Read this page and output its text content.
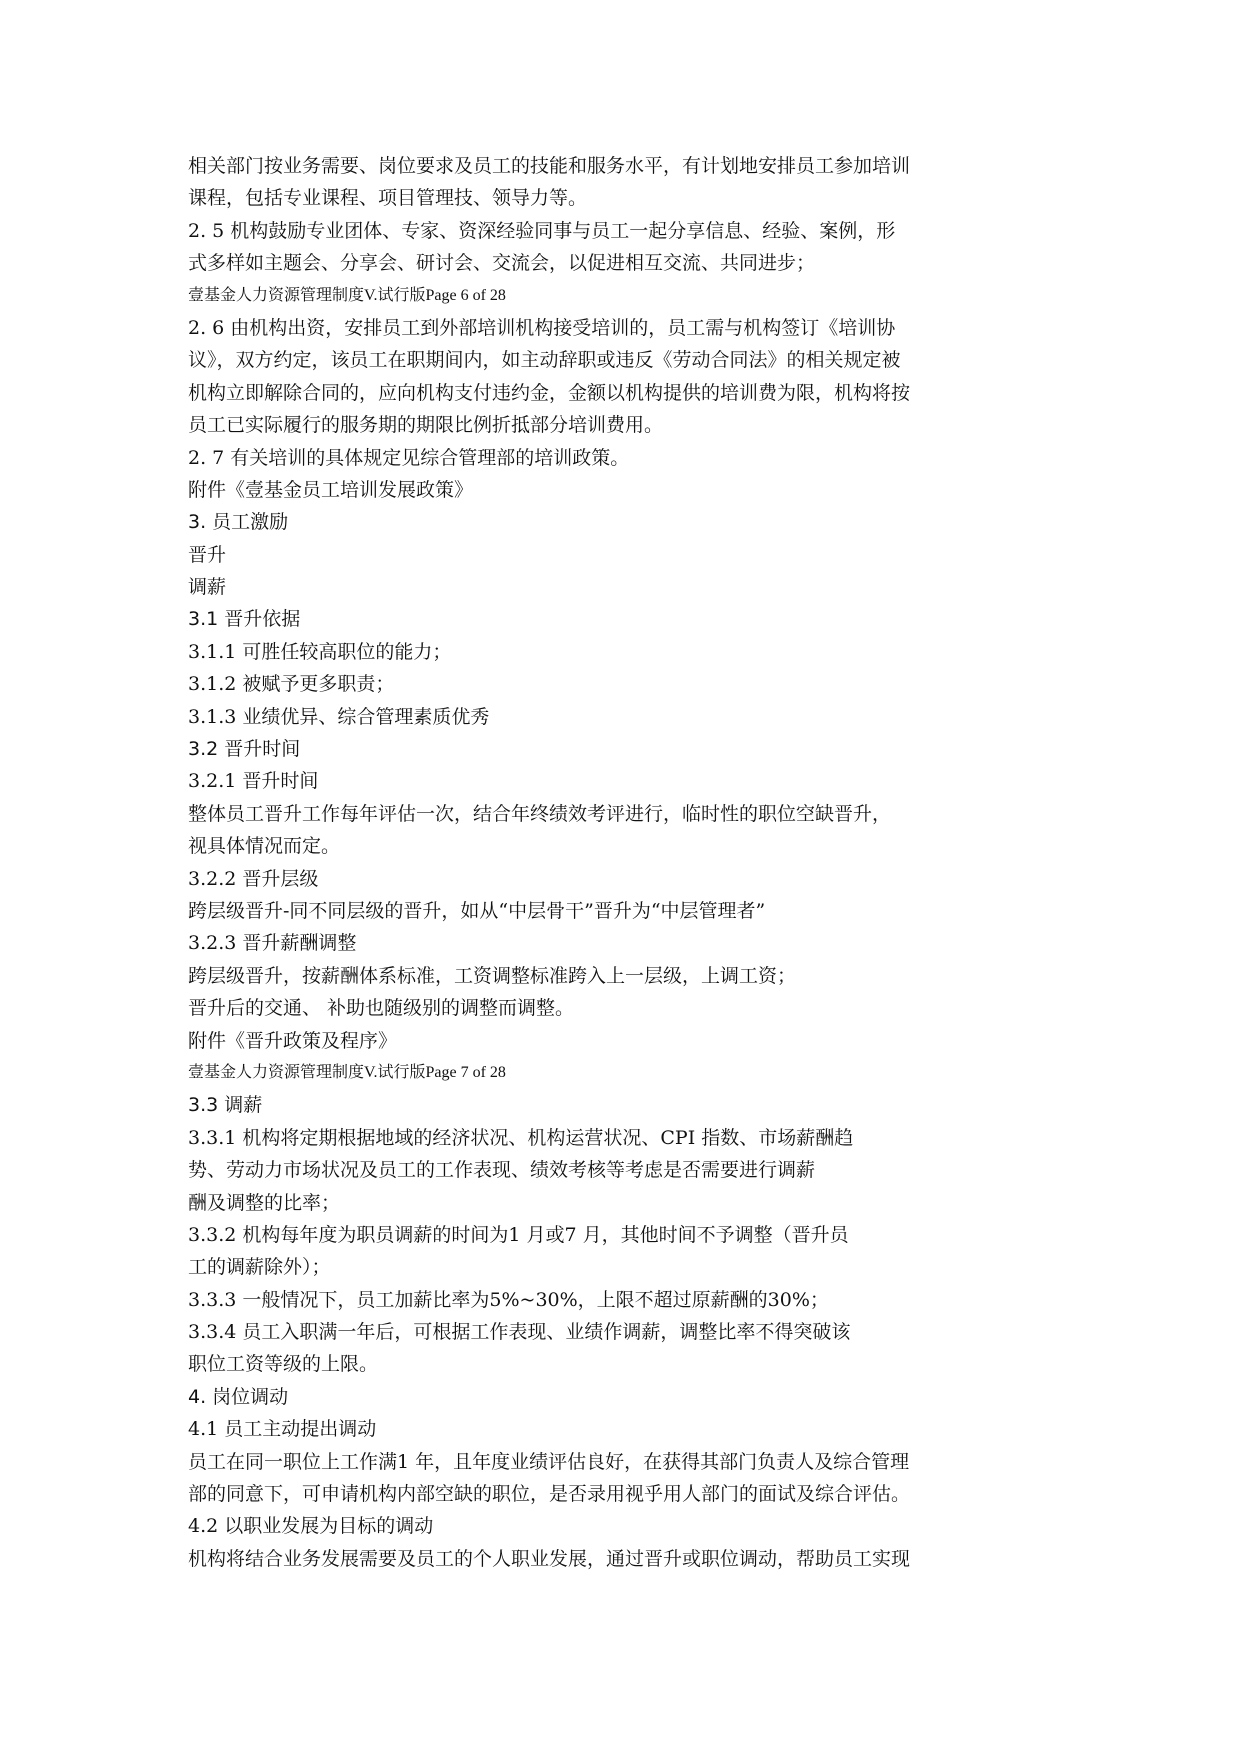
相关部门按业务需要、岗位要求及员工的技能和服务水平，有计划地安排员工参加培训
课程，包括专业课程、项目管理技、领导力等。
2. 5 机构鼓励专业团体、专家、资深经验同事与员工一起分享信息、经验、案例，形
式多样如主题会、分享会、研讨会、交流会，以促进相互交流、共同进步；
壹基金人力资源管理制度V.试行版Page 6 of 28
2. 6 由机构出资，安排员工到外部培训机构接受培训的，员工需与机构签订《培训协
议》，双方约定，该员工在职期间内，如主动辞职或违反《劳动合同法》的相关规定被
机构立即解除合同的，应向机构支付违约金，金额以机构提供的培训费为限，机构将按
员工已实际履行的服务期的期限比例折抵部分培训费用。
2. 7 有关培训的具体规定见综合管理部的培训政策。
附件《壹基金员工培训发展政策》
3. 员工激励
晋升
调薪
3.1 晋升依据
3.1.1 可胜任较高职位的能力；
3.1.2 被赋予更多职责；
3.1.3 业绩优异、综合管理素质优秀
3.2 晋升时间
3.2.1 晋升时间
整体员工晋升工作每年评估一次，结合年终绩效考评进行，临时性的职位空缺晋升，
视具体情况而定。
3.2.2 晋升层级
跨层级晋升-同不同层级的晋升，如从“中层骨干”晋升为“中层管理者”
3.2.3 晋升薪酬调整
跨层级晋升，按薪酬体系标准，工资调整标准跨入上一层级，上调工资；
晋升后的交通、 补助也随级别的调整而调整。
附件《晋升政策及程序》
壹基金人力资源管理制度V.试行版Page 7 of 28
3.3 调薪
3.3.1 机构将定期根据地域的经济状况、机构运营状况、CPI 指数、市场薪酬趋
势、劳动力市场状况及员工的工作表现、绩效考核等考虑是否需要进行调薪
酬及调整的比率；
3.3.2 机构每年度为职员调薪的时间为1 月或7 月，其他时间不予调整（晋升员
工的调薪除外）；
3.3.3 一般情况下，员工加薪比率为5%~30%，上限不超过原薪酬的30%；
3.3.4 员工入职满一年后，可根据工作表现、业绩作调薪，调整比率不得突破该
职位工资等级的上限。
4. 岗位调动
4.1 员工主动提出调动
员工在同一职位上工作满1 年，且年度业绩评估良好，在获得其部门负责人及综合管理
部的同意下，可申请机构内部空缺的职位，是否录用视乎用人部门的面试及综合评估。
4.2 以职业发展为目标的调动
机构将结合业务发展需要及员工的个人职业发展，通过晋升或职位调动，帮助员工实现
